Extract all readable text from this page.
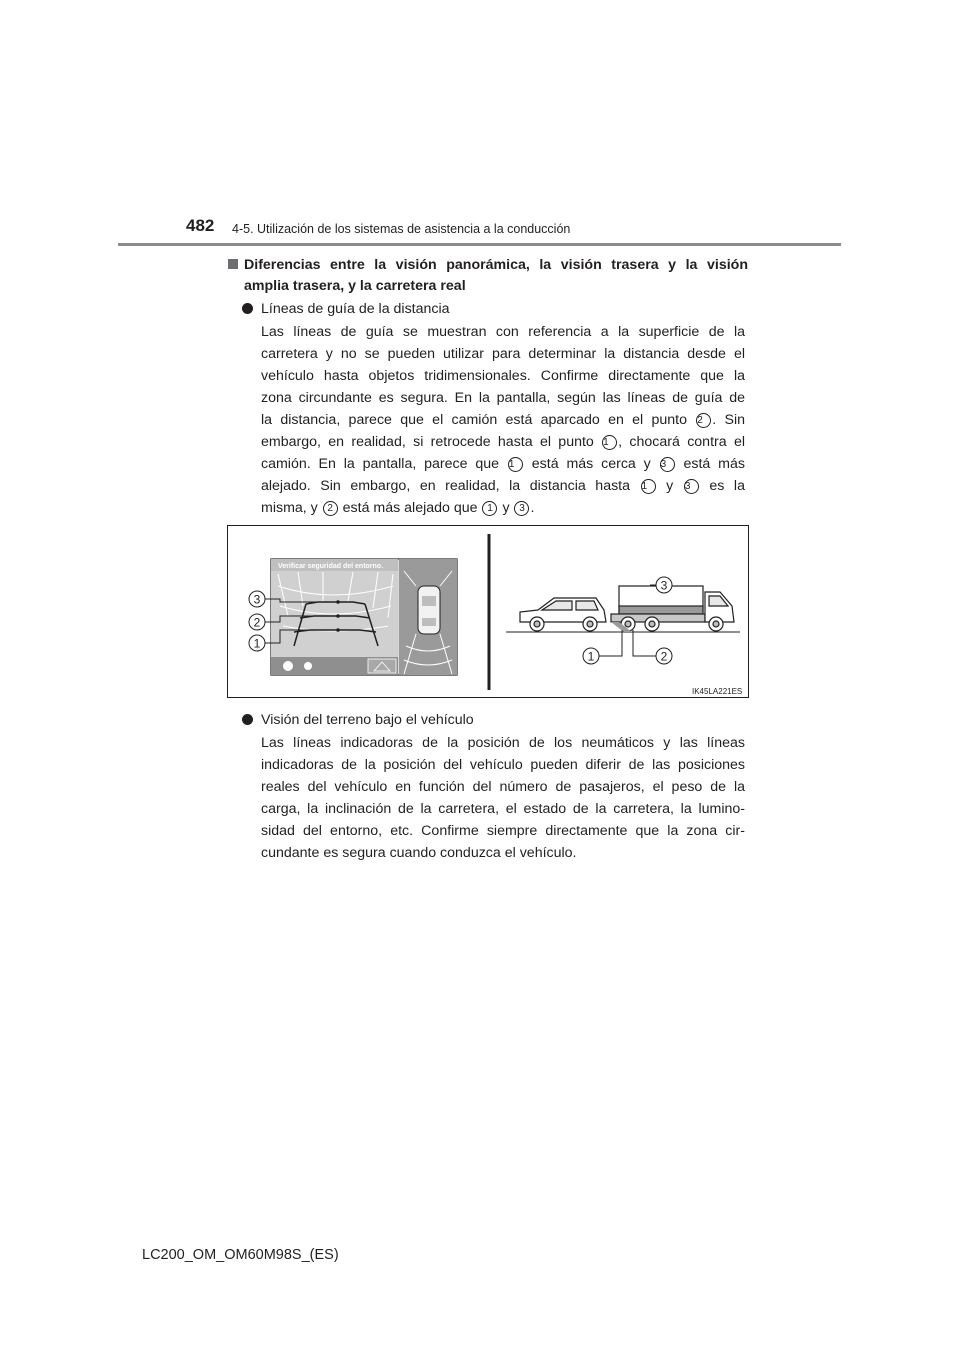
482 4-5. Utilización de los sistemas de asistencia a la conducción
Diferencias entre la visión panorámica, la visión trasera y la visión
amplia trasera, y la carretera real
Líneas de guía de la distancia
Las líneas de guía se muestran con referencia a la superficie de la
carretera y no se pueden utilizar para determinar la distancia desde el
vehículo hasta objetos tridimensionales. Confirme directamente que la
zona circundante es segura. En la pantalla, según las líneas de guía de
la distancia, parece que el camión está aparcado en el punto 2 . Sin
embargo, en realidad, si retrocede hasta el punto 1 , chocará contra el
camión. En la pantalla, parece que 1 está más cerca y 3 está más
alejado. Sin embargo, en realidad, la distancia hasta 1 y 3 es la
misma, y 2 está más alejado que 1 y 3 .
Verificar seguridad del entorno.
3
2
1
3
1	2
IK45LA221ES
Visión del terreno bajo el vehículo
Las líneas indicadoras de la posición de los neumáticos y las líneas
indicadoras de la posición del vehículo pueden diferir de las posiciones
reales del vehículo en función del número de pasajeros, el peso de la
carga, la inclinación de la carretera, el estado de la carretera, la lumino-
sidad del entorno, etc. Confirme siempre directamente que la zona cir-
cundante es segura cuando conduzca el vehículo.
LC200_OM_OM60M98S_(ES)
